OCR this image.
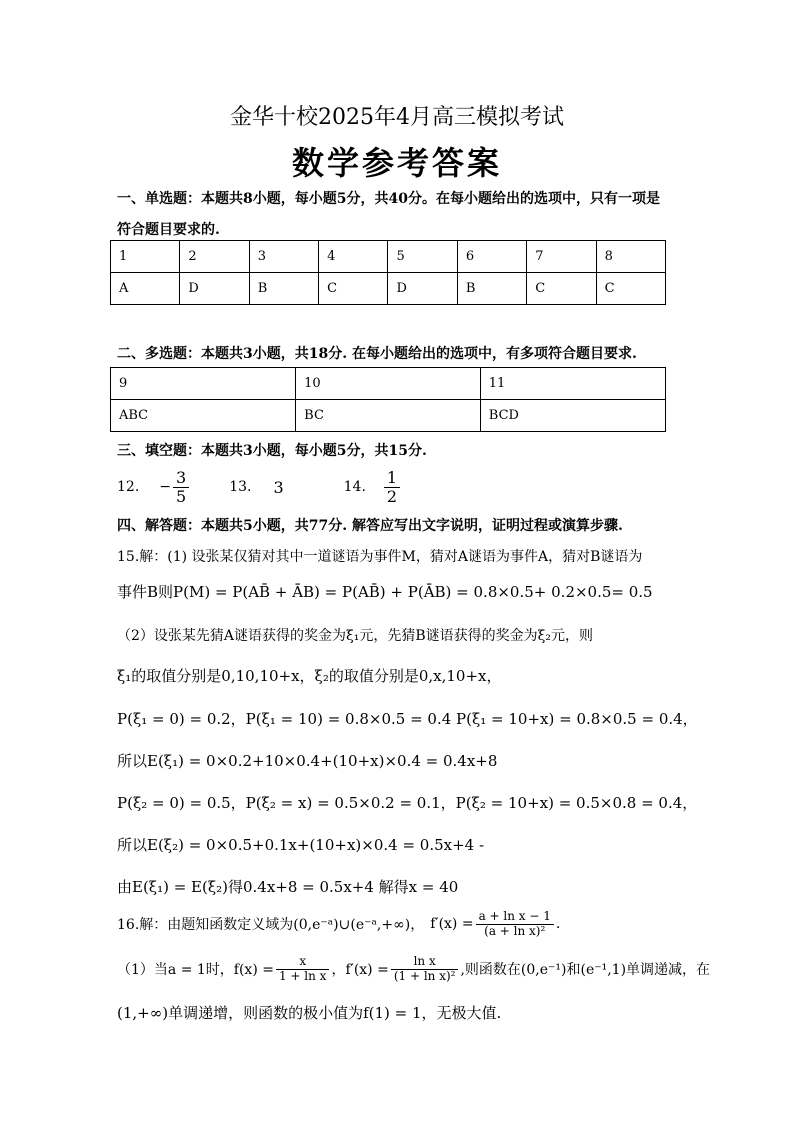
金华十校2025年4月高三模拟考试
数学参考答案
一、单选题：本题共8小题，每小题5分，共40分。在每小题给出的选项中，只有一项是
符合题目要求的.
1	2	3	4	5	6	7	8
A	D	B	C	D	B	C	C
二、多选题：本题共3小题，共18分. 在每小题给出的选项中，有多项符合题目要求.
9	10	11
ABC	BC	BCD
三、填空题：本题共3小题，每小题5分，共15分.
12. − $\frac{3}{5}$	13. 3	14. $\frac{1}{2}$
四、解答题：本题共5小题，共77分. 解答应写出文字说明，证明过程或演算步骤.
15.解：(1) 设张某仅猜对其中一道谜语为事件M，猜对A谜语为事件A，猜对B谜语为
事件B则P(M) = P(AB̄ + ĀB) = P(AB̄) + P(ĀB) = 0.8×0.5+ 0.2×0.5= 0.5
（2）设张某先猜A谜语获得的奖金为ξ₁元，先猜B谜语获得的奖金为ξ₂元，则
ξ₁的取值分别是0,10,10+x，ξ₂的取值分别是0,x,10+x，
P(ξ₁ = 0) = 0.2，P(ξ₁ = 10) = 0.8×0.5 = 0.4 P(ξ₁ = 10+x) = 0.8×0.5 = 0.4，
所以E(ξ₁) = 0×0.2+10×0.4+(10+x)×0.4 = 0.4x+8
P(ξ₂ = 0) = 0.5，P(ξ₂ = x) = 0.5×0.2 = 0.1，P(ξ₂ = 10+x) = 0.5×0.8 = 0.4，
所以E(ξ₂) = 0×0.5+0.1x+(10+x)×0.4 = 0.5x+4 -
由E(ξ₁) = E(ξ₂)得0.4x+8 = 0.5x+4 解得x = 40
16.解：由题知函数定义域为(0,e⁻ᵃ)∪(e⁻ᵃ,+∞)， $f'(x) = \frac{\text{a + ln x − 1}}{\text{(a + ln x)²}}$ .
（1）当a = 1时，$f(x) = \frac{x}{\text{1 + ln x}}$ ，$f'(x) = \frac{\text{ln x}}{\text{(1 + ln x)²}}$ ,则函数在(0,e⁻¹)和(e⁻¹,1)单调递减，在
(1,+∞)单调递增，则函数的极小值为f(1) = 1，无极大值.
